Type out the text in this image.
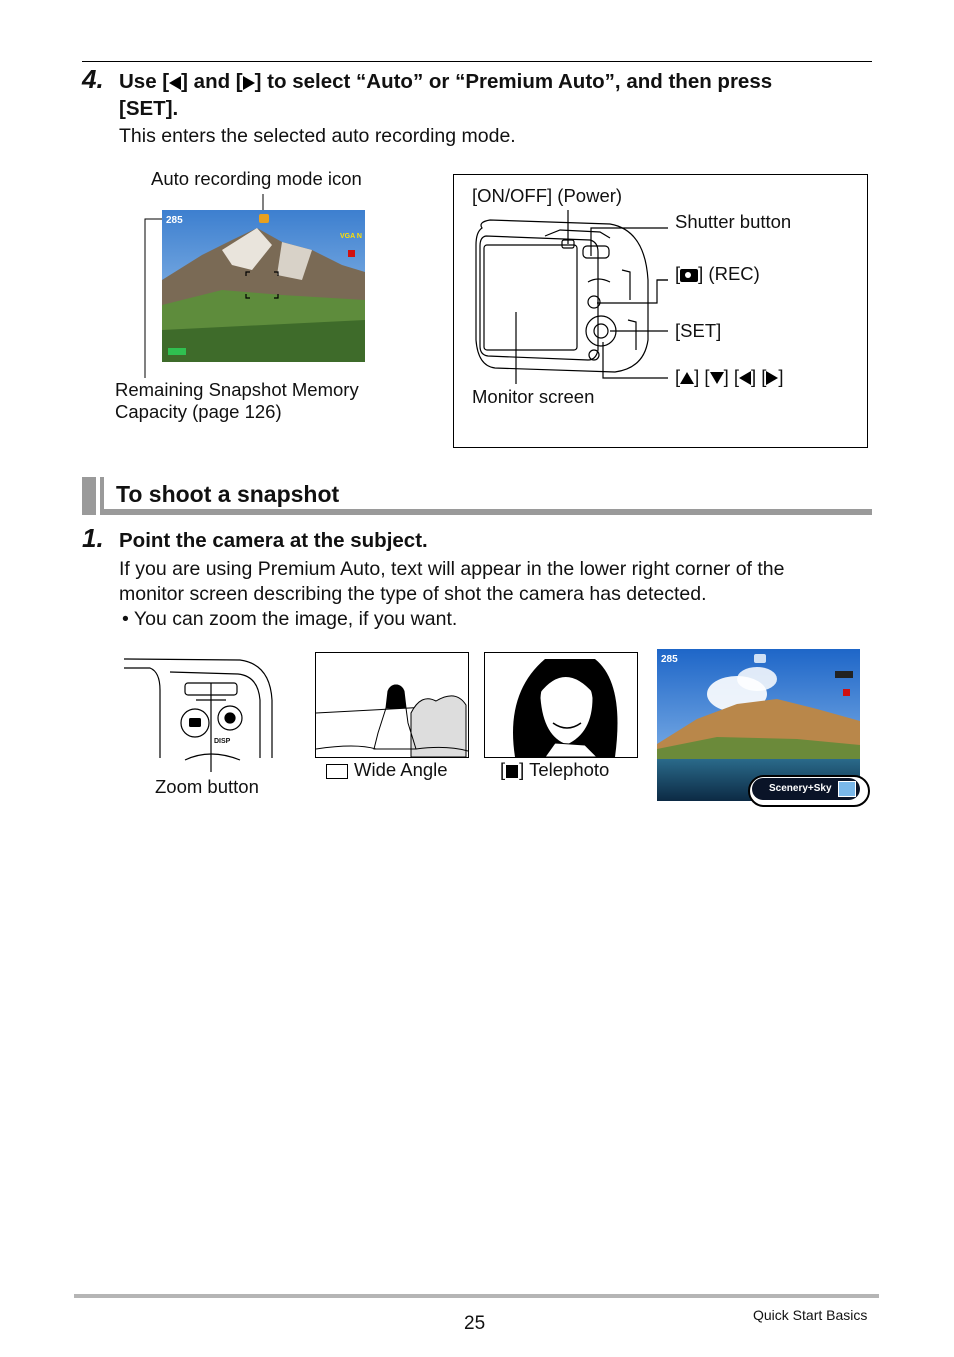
4. Use [ ] and [ ] to select “Auto” or “Premium Auto”, and then press
[SET].
This enters the selected auto recording mode.
Auto recording mode icon
285
VGA N
Remaining Snapshot Memory
Capacity (page 126)
[ON/OFF] (Power)
Shutter button
[ ] (REC)
[SET]
[ ] [ ] [ ] [ ]
Monitor screen
To shoot a snapshot
1. Point the camera at the subject.
If you are using Premium Auto, text will appear in the lower right corner of the
monitor screen describing the type of shot the camera has detected.
• You can zoom the image, if you want.
DISP
Zoom button
Wide Angle	[ ] Telephoto
285
Scenery+Sky
25	Quick Start Basics
